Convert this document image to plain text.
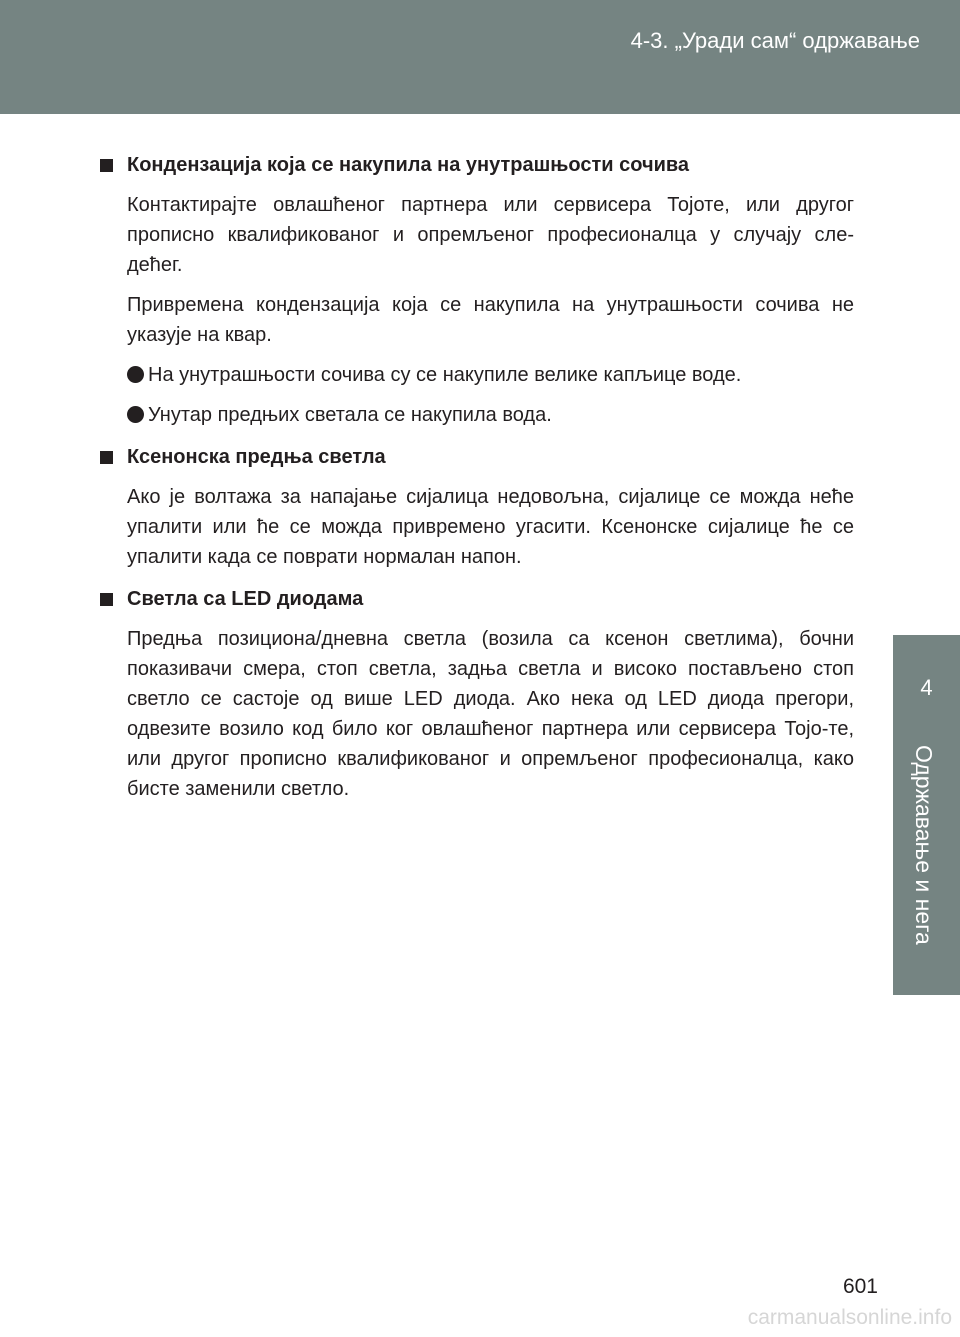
4-3. „Уради сам“ одржавање
4
Одржавање и нега
Кондензација која се накупила на унутрашњости сочива

Контактирајте овлашћеног партнера или сервисера Тојоте, или другог прописно квалификованог и опремљеног професионалца у случају сле-дећег.

Привремена кондензација која се накупила на унутрашњости сочива не указује на квар.

На унутрашњости сочива су се накупиле велике капљице воде.
Унутар предњих светала се накупила вода.
Ксенонска предња светла

Ако је волтажа за напајање сијалица недовољна, сијалице се можда неће упалити или ће се можда привремено угасити. Ксенонске сијалице ће се упалити када се поврати нормалан напон.

Светла са LED диодама

Предња позициона/дневна светла (возила са ксенон светлима), бочни показивачи смера, стоп светла, задња светла и високо постављено стоп светло се састоје од више LED диода. Ако нека од LED диода прегори, одвезите возило код било ког овлашћеног партнера или сервисера Тојо-те, или другог прописно квалификованог и опремљеног професионалца, како бисте заменили светло.

601
carmanualsonline.info
